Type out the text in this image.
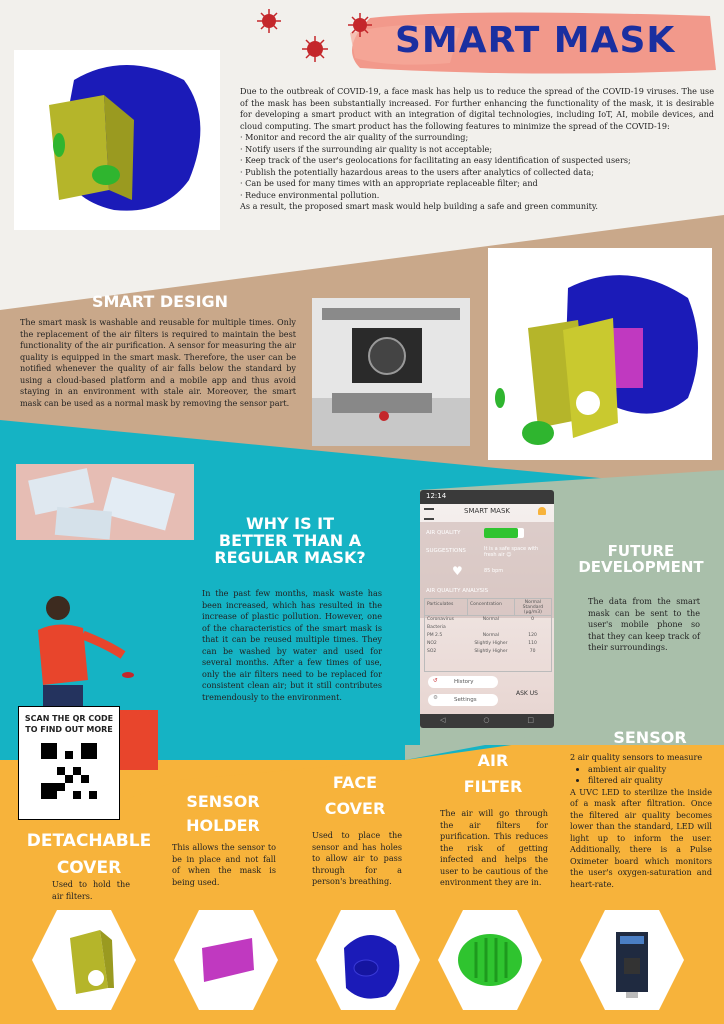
SMART MASK

Due to the outbreak of COVID-19, a face mask has help us to reduce the spread of the COVID-19 viruses. The use of the mask has been substantially increased. For further enhancing the functionality of the mask, it is desirable for developing a smart product with an integration of digital technologies, including IoT, AI, mobile devices, and cloud computing. The smart product has the following features to minimize the spread of the COVID-19:

· Monitor and record the air quality of the surrounding;
· Notify users if the surrounding air quality is not acceptable;
· Keep track of the user's geolocations for facilitating an easy identification of suspected users;
· Publish the potentially hazardous areas to the users after analytics of collected data;
· Can be used for many times with an appropriate replaceable filter; and
· Reduce environmental pollution.

As a result, the proposed smart mask would help building a safe and green community.

SMART DESIGN
The smart mask is washable and reusable for multiple times. Only the replacement of the air filters is required to maintain the best functionality of the air purification. A sensor for measuring the air quality is equipped in the smart mask. Therefore, the user can be notified whenever the quality of air falls below the standard by using a cloud-based platform and a mobile app and thus avoid staying in an environment with stale air. Moreover, the smart mask can be used as a normal mask by removing the sensor part.
WHY IS IT
BETTER THAN A
REGULAR MASK?
In the past few months, mask waste has been increased, which has resulted in the increase of plastic pollution. However, one of the characteristics of the smart mask is that it can be reused multiple times. They can be washed by water and used for several months. After a few times of use, only the air filters need to be replaced for consistent clean air; but it still contributes tremendously to the environment.
SCAN THE QR CODE
TO FIND OUT MORE
12:14
SMART MASK
AIR QUALITY
SUGGESTIONS	It is a safe space with fresh air ☺
♥	85 bpm
AIR QUALITY ANALYSIS
Particulates	Concentration	Normal Standard (µg/m3)
Coronavirus	Normal	0
Bacteria
PM 2.5	Normal	120
NO2	Slightly Higher	110
SO2	Slightly Higher	70
↺	History
⚙	Settings
ASK US
◁	○	□
FUTURE
DEVELOPMENT
The data from the smart mask can be sent to the user's mobile phone so that they can keep track of their surroundings.
DETACHABLE
COVER
Used to hold the air filters.
SENSOR
HOLDER
This allows the sensor to be in place and not fall of when the mask is being used.
FACE
COVER
Used to place the sensor and has holes to allow air to pass through for a person's breathing.
AIR
FILTER
The air will go through the air filters for purification. This reduces the risk of getting infected and helps the user to be cautious of the environment they are in.
SENSOR
2 air quality sensors to measure
• ambient air quality
• filtered air quality
A UVC LED to sterilize the inside of a mask after filtration. Once the filtered air quality becomes lower than the standard, LED will light up to inform the user. Additionally, there is a Pulse Oximeter board which monitors the user's oxygen-saturation and heart-rate.
